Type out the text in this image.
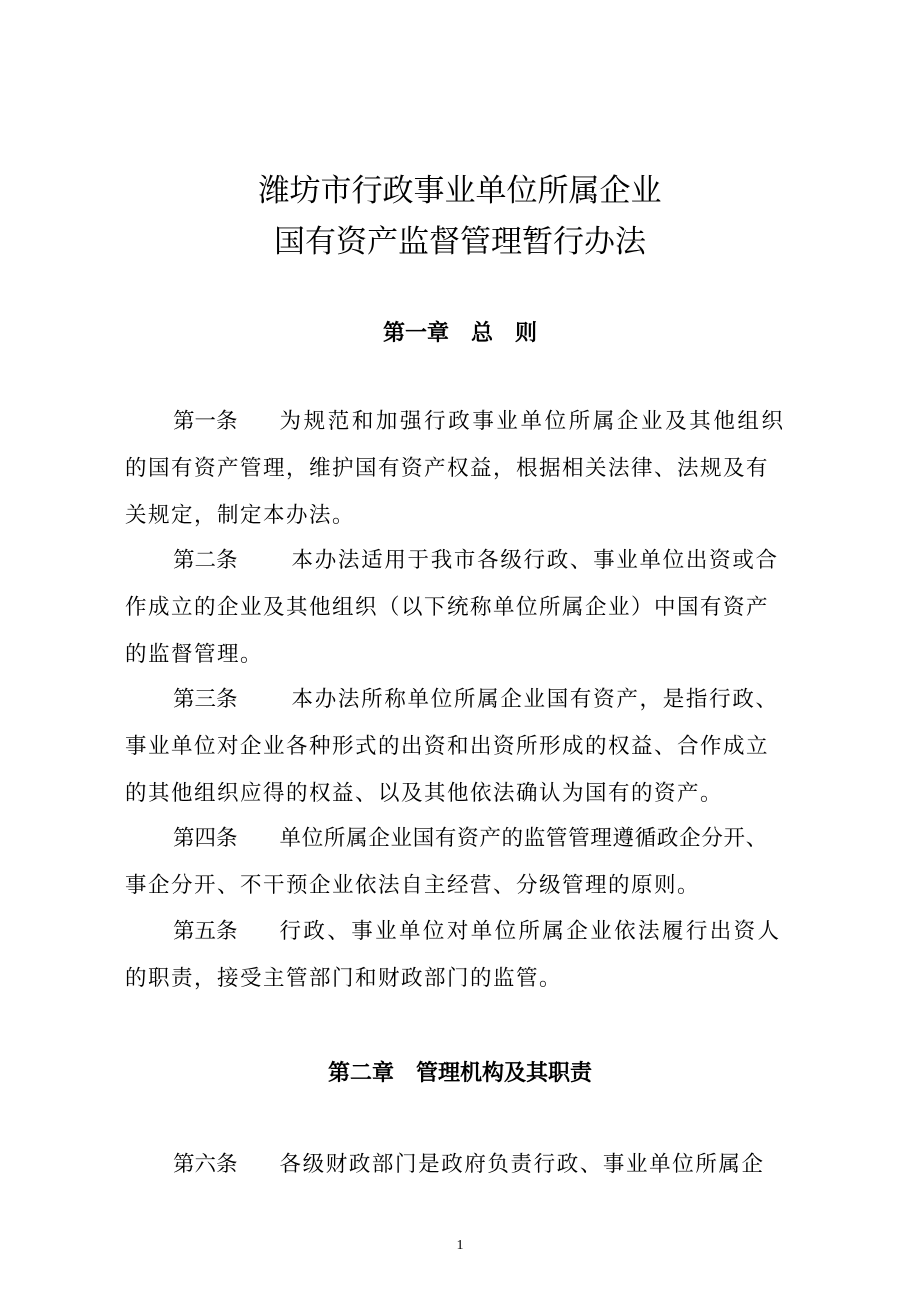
潍坊市行政事业单位所属企业
国有资产监督管理暂行办法
第一章　总　则
第一条 为规范和加强行政事业单位所属企业及其他组织
的国有资产管理，维护国有资产权益，根据相关法律、法规及有
关规定，制定本办法。
第二条	本办法适用于我市各级行政、事业单位出资或合
作成立的企业及其他组织（以下统称单位所属企业）中国有资产
的监督管理。
第三条	本办法所称单位所属企业国有资产，是指行政、
事业单位对企业各种形式的出资和出资所形成的权益、合作成立
的其他组织应得的权益、以及其他依法确认为国有的资产。
第四条 单位所属企业国有资产的监管管理遵循政企分开、
事企分开、不干预企业依法自主经营、分级管理的原则。
第五条 行政、事业单位对单位所属企业依法履行出资人
的职责，接受主管部门和财政部门的监管。
第二章　管理机构及其职责
第六条 各级财政部门是政府负责行政、事业单位所属企
1
